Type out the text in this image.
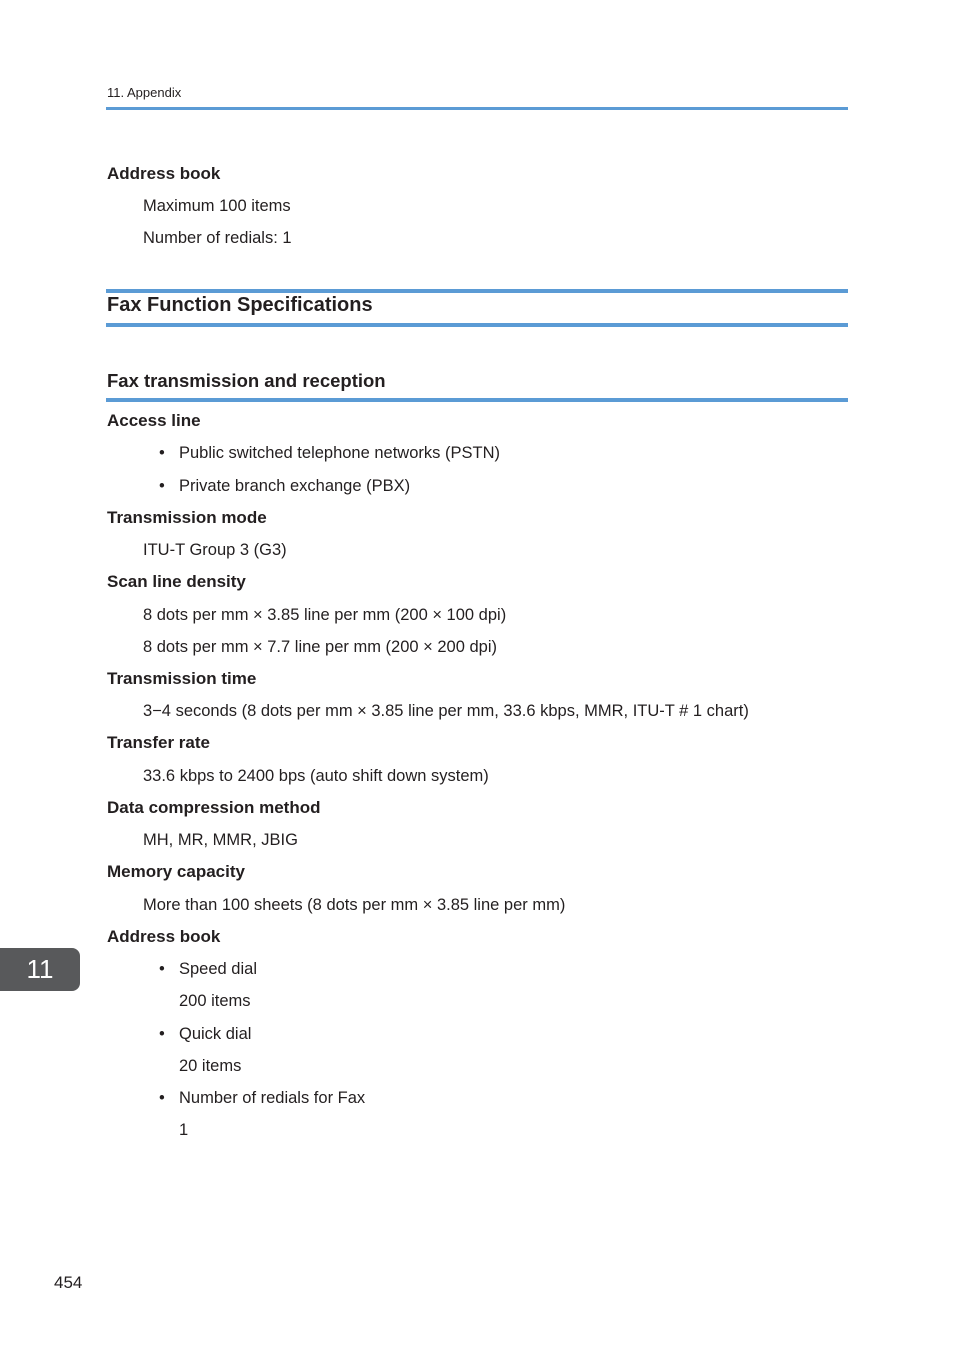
11. Appendix
Address book
Maximum 100 items
Number of redials: 1
Fax Function Specifications
Fax transmission and reception
Access line
• Public switched telephone networks (PSTN)
• Private branch exchange (PBX)
Transmission mode
ITU-T Group 3 (G3)
Scan line density
8 dots per mm × 3.85 line per mm (200 × 100 dpi)
8 dots per mm × 7.7 line per mm (200 × 200 dpi)
Transmission time
3−4 seconds (8 dots per mm × 3.85 line per mm, 33.6 kbps, MMR, ITU-T # 1 chart)
Transfer rate
33.6 kbps to 2400 bps (auto shift down system)
Data compression method
MH, MR, MMR, JBIG
Memory capacity
More than 100 sheets (8 dots per mm × 3.85 line per mm)
Address book
• Speed dial
200 items
• Quick dial
20 items
• Number of redials for Fax
1
11
454
